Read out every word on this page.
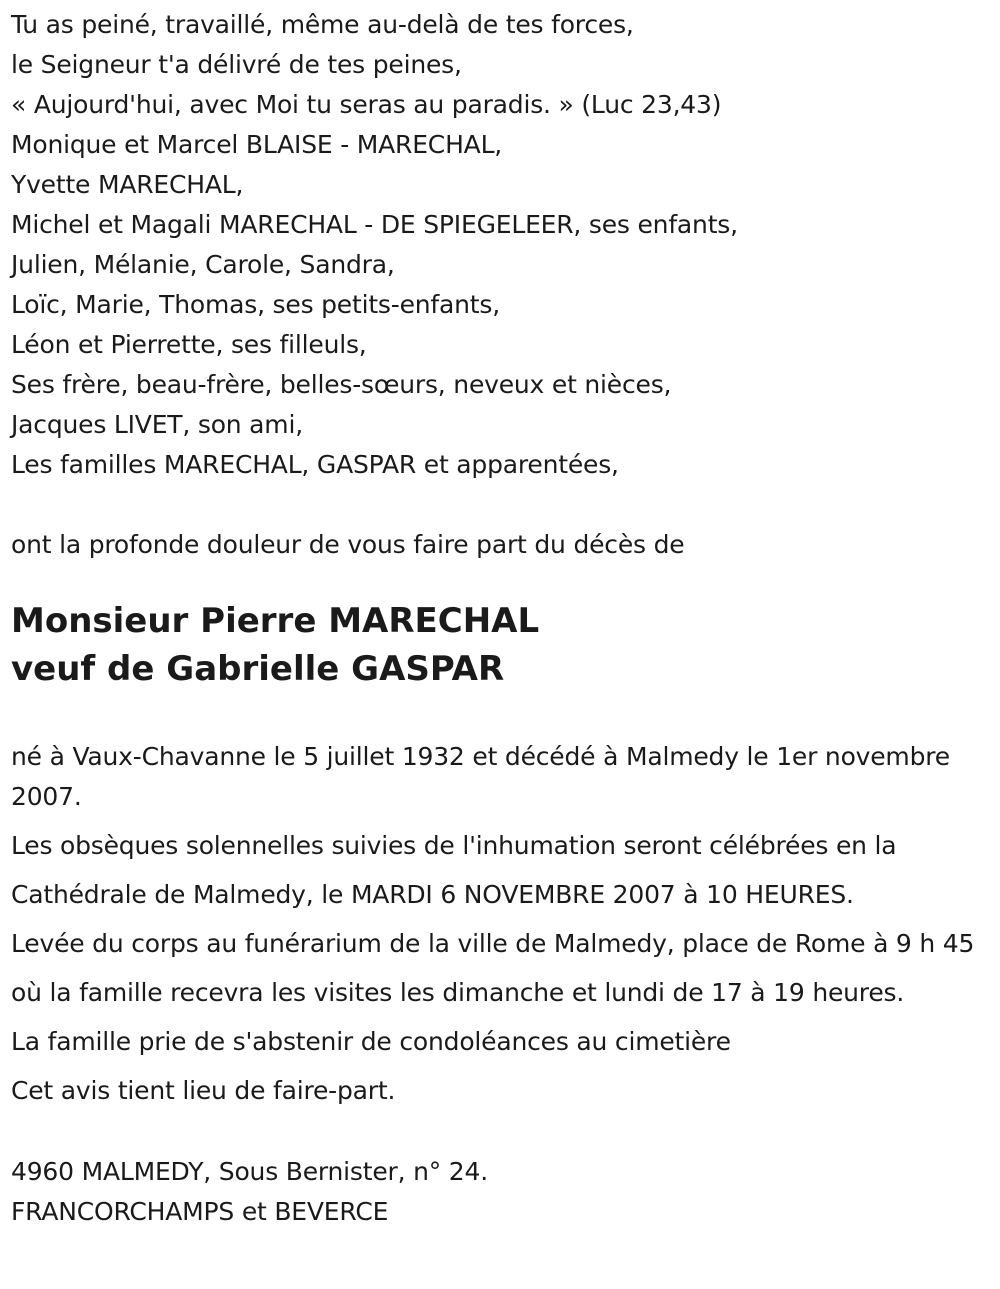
Tu as peiné, travaillé, même au-delà de tes forces,
le Seigneur t'a délivré de tes peines,
« Aujourd'hui, avec Moi tu seras au paradis. » (Luc 23,43)
Monique et Marcel BLAISE - MARECHAL,
Yvette MARECHAL,
Michel et Magali MARECHAL - DE SPIEGELEER, ses enfants,
Julien, Mélanie, Carole, Sandra,
Loïc, Marie, Thomas, ses petits-enfants,
Léon et Pierrette, ses filleuls,
Ses frère, beau-frère, belles-sœurs, neveux et nièces,
Jacques LIVET, son ami,
Les familles MARECHAL, GASPAR et apparentées,
ont la profonde douleur de vous faire part du décès de
Monsieur Pierre MARECHAL
veuf de Gabrielle GASPAR
né à Vaux-Chavanne le 5 juillet 1932 et décédé à Malmedy le 1er novembre 2007.
Les obsèques solennelles suivies de l'inhumation seront célébrées en la
Cathédrale de Malmedy, le MARDI 6 NOVEMBRE 2007 à 10 HEURES.
Levée du corps au funérarium de la ville de Malmedy, place de Rome à 9 h 45
où la famille recevra les visites les dimanche et lundi de 17 à 19 heures.
La famille prie de s'abstenir de condoléances au cimetière
Cet avis tient lieu de faire-part.
4960 MALMEDY, Sous Bernister, n° 24.
FRANCORCHAMPS et BEVERCE
